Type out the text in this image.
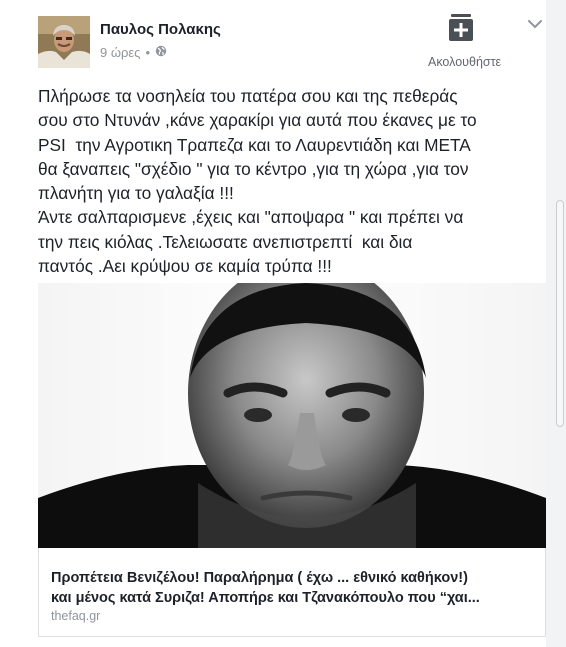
Παυλος Πολακης
9 ώρες •
Ακολουθήστε

Πλήρωσε τα νοσηλεία του πατέρα σου και της πεθεράς
σου στο Ντυνάν ,κάνε χαρακίρι για αυτά που έκανες με το
PSI  την Αγροτικη Τραπεζα και το Λαυρεντιάδη και ΜΕΤΑ
θα ξαναπεις "σχέδιο " για το κέντρο ,για τη χώρα ,για τον
πλανήτη για το γαλαξία !!!
Άντε σαλπαρισμενε ,έχεις και "αποψαρα " και πρέπει να
την πεις κιόλας .Τελειωσατε ανεπιστρεπτί  και δια
παντός .Αει κρύψου σε καμία τρύπα !!!

Προπέτεια Βενιζέλου! Παραλήρημα ( έχω ... εθνικό καθήκον!)
και μένος κατά Συριζα! Αποπήρε και Τζανακόπουλο που “χαι...

thefaq.gr
